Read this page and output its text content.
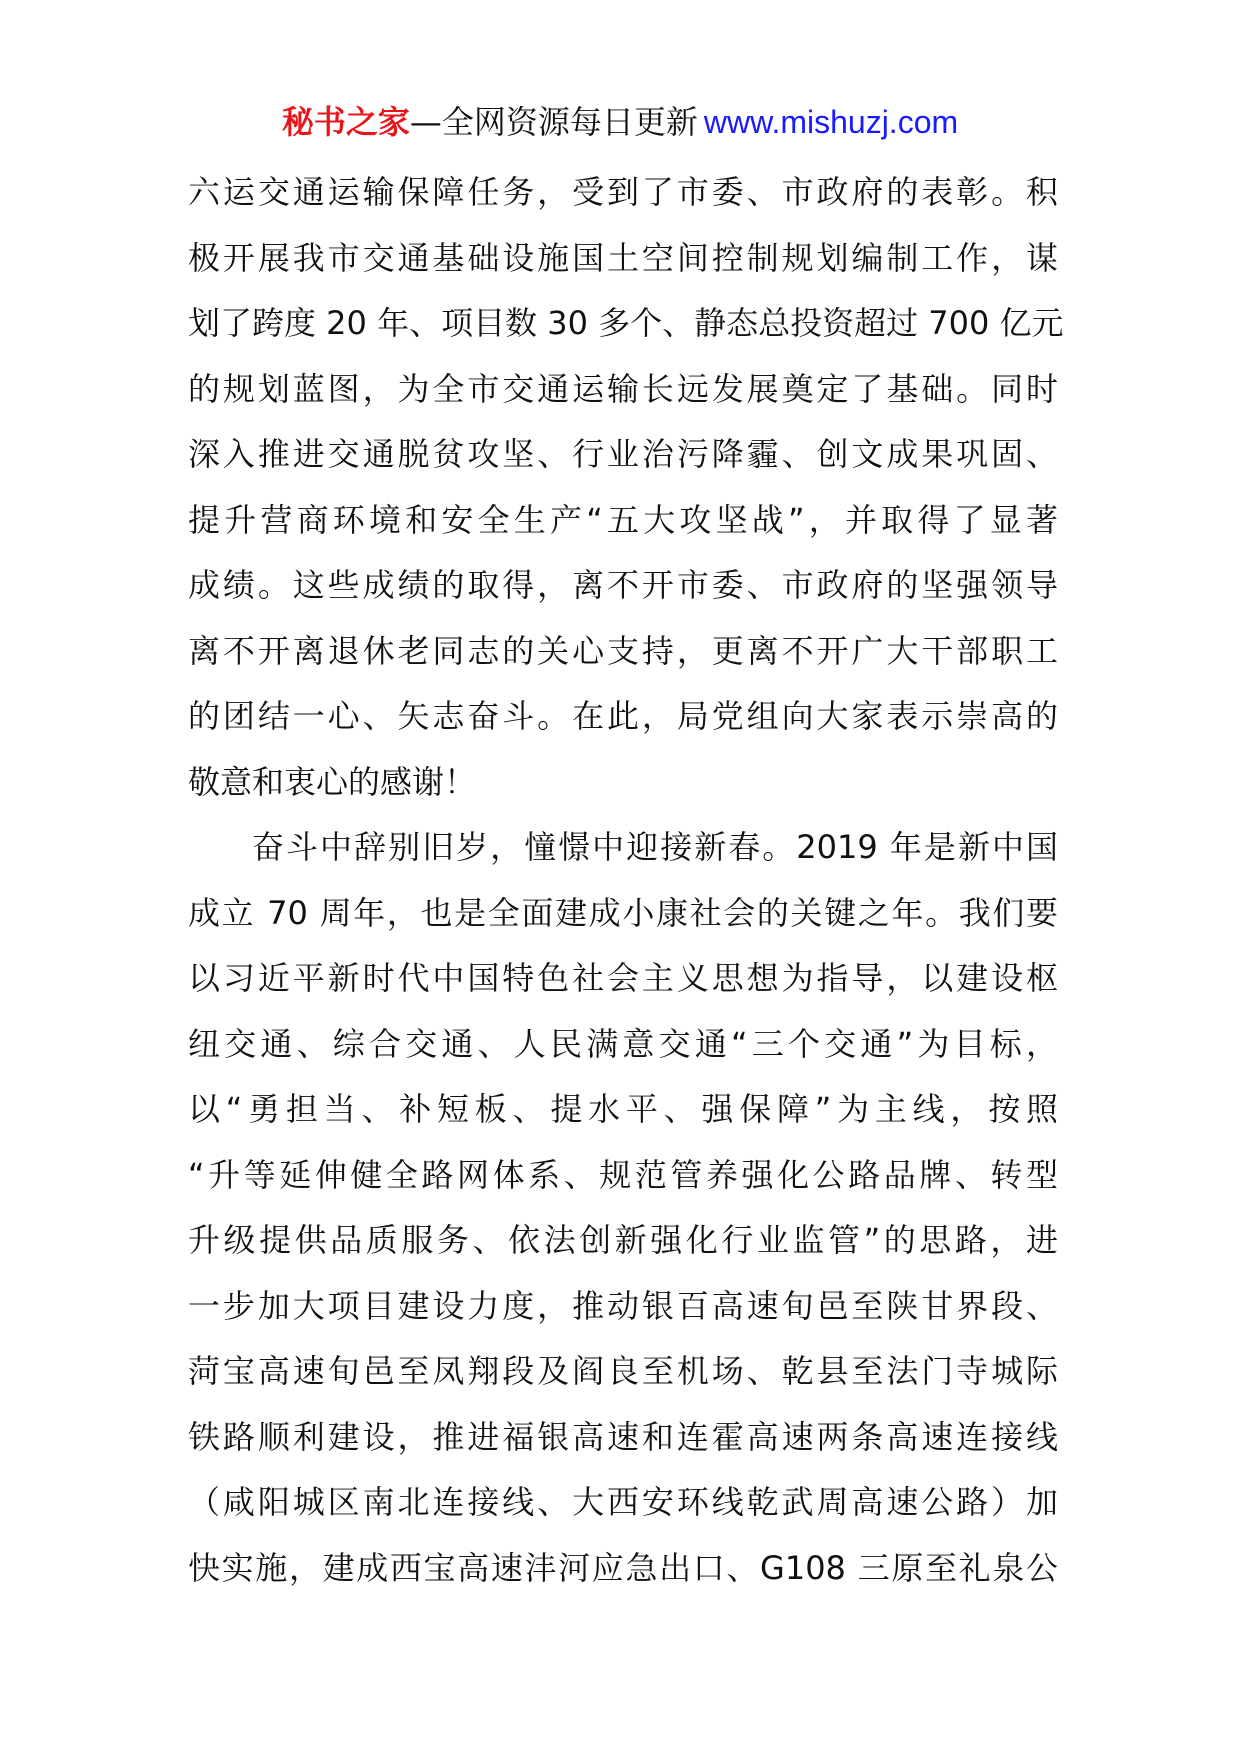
秘书之家—全网资源每日更新 www.mishuzj.com
六运交通运输保障任务，受到了市委、市政府的表彰。积
极开展我市交通基础设施国土空间控制规划编制工作，谋
划了跨度 20 年、项目数 30 多个、静态总投资超过 700 亿元
的规划蓝图，为全市交通运输长远发展奠定了基础。同时
深入推进交通脱贫攻坚、行业治污降霾、创文成果巩固、
提升营商环境和安全生产“五大攻坚战”，并取得了显著
成绩。这些成绩的取得，离不开市委、市政府的坚强领导
离不开离退休老同志的关心支持，更离不开广大干部职工
的团结一心、矢志奋斗。在此，局党组向大家表示崇高的
敬意和衷心的感谢！
奋斗中辞别旧岁，憧憬中迎接新春。2019 年是新中国
成立 70 周年，也是全面建成小康社会的关键之年。我们要
以习近平新时代中国特色社会主义思想为指导，以建设枢
纽交通、综合交通、人民满意交通“三个交通”为目标，
以“勇担当、补短板、提水平、强保障”为主线，按照
“升等延伸健全路网体系、规范管养强化公路品牌、转型
升级提供品质服务、依法创新强化行业监管”的思路，进
一步加大项目建设力度，推动银百高速旬邑至陕甘界段、
菏宝高速旬邑至凤翔段及阎良至机场、乾县至法门寺城际
铁路顺利建设，推进福银高速和连霍高速两条高速连接线
（咸阳城区南北连接线、大西安环线乾武周高速公路）加
快实施，建成西宝高速沣河应急出口、G108 三原至礼泉公
